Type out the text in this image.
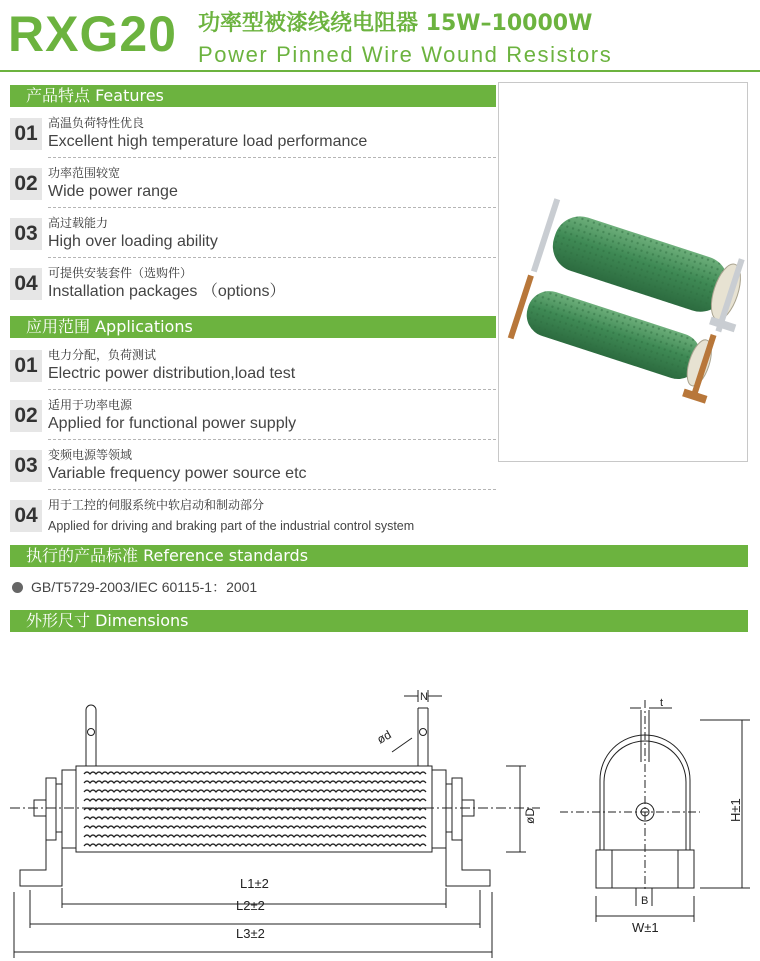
RXG20 功率型被漆线绕电阻器 15W–10000W
Power Pinned Wire Wound Resistors
产品特点 Features
01 高温负荷特性优良
Excellent high temperature load performance
02 功率范围较宽
Wide power range
03 高过载能力
High over loading ability
04 可提供安装套件（选购件）
Installation packages （options）
应用范围 Applications
01 电力分配，负荷测试
Electric power distribution,load test
02 适用于功率电源
Applied for functional power supply
03 变频电源等领域
Variable frequency power source etc
04 用于工控的伺服系统中软启动和制动部分
Applied for driving and braking part of the industrial control system
执行的产品标准 Reference standards
GB/T5729-2003/IEC 60115-1：2001
外形尺寸 Dimensions
N
ød
øD
L1±2
L2±2
L3±2
t
H±1
B
W±1
